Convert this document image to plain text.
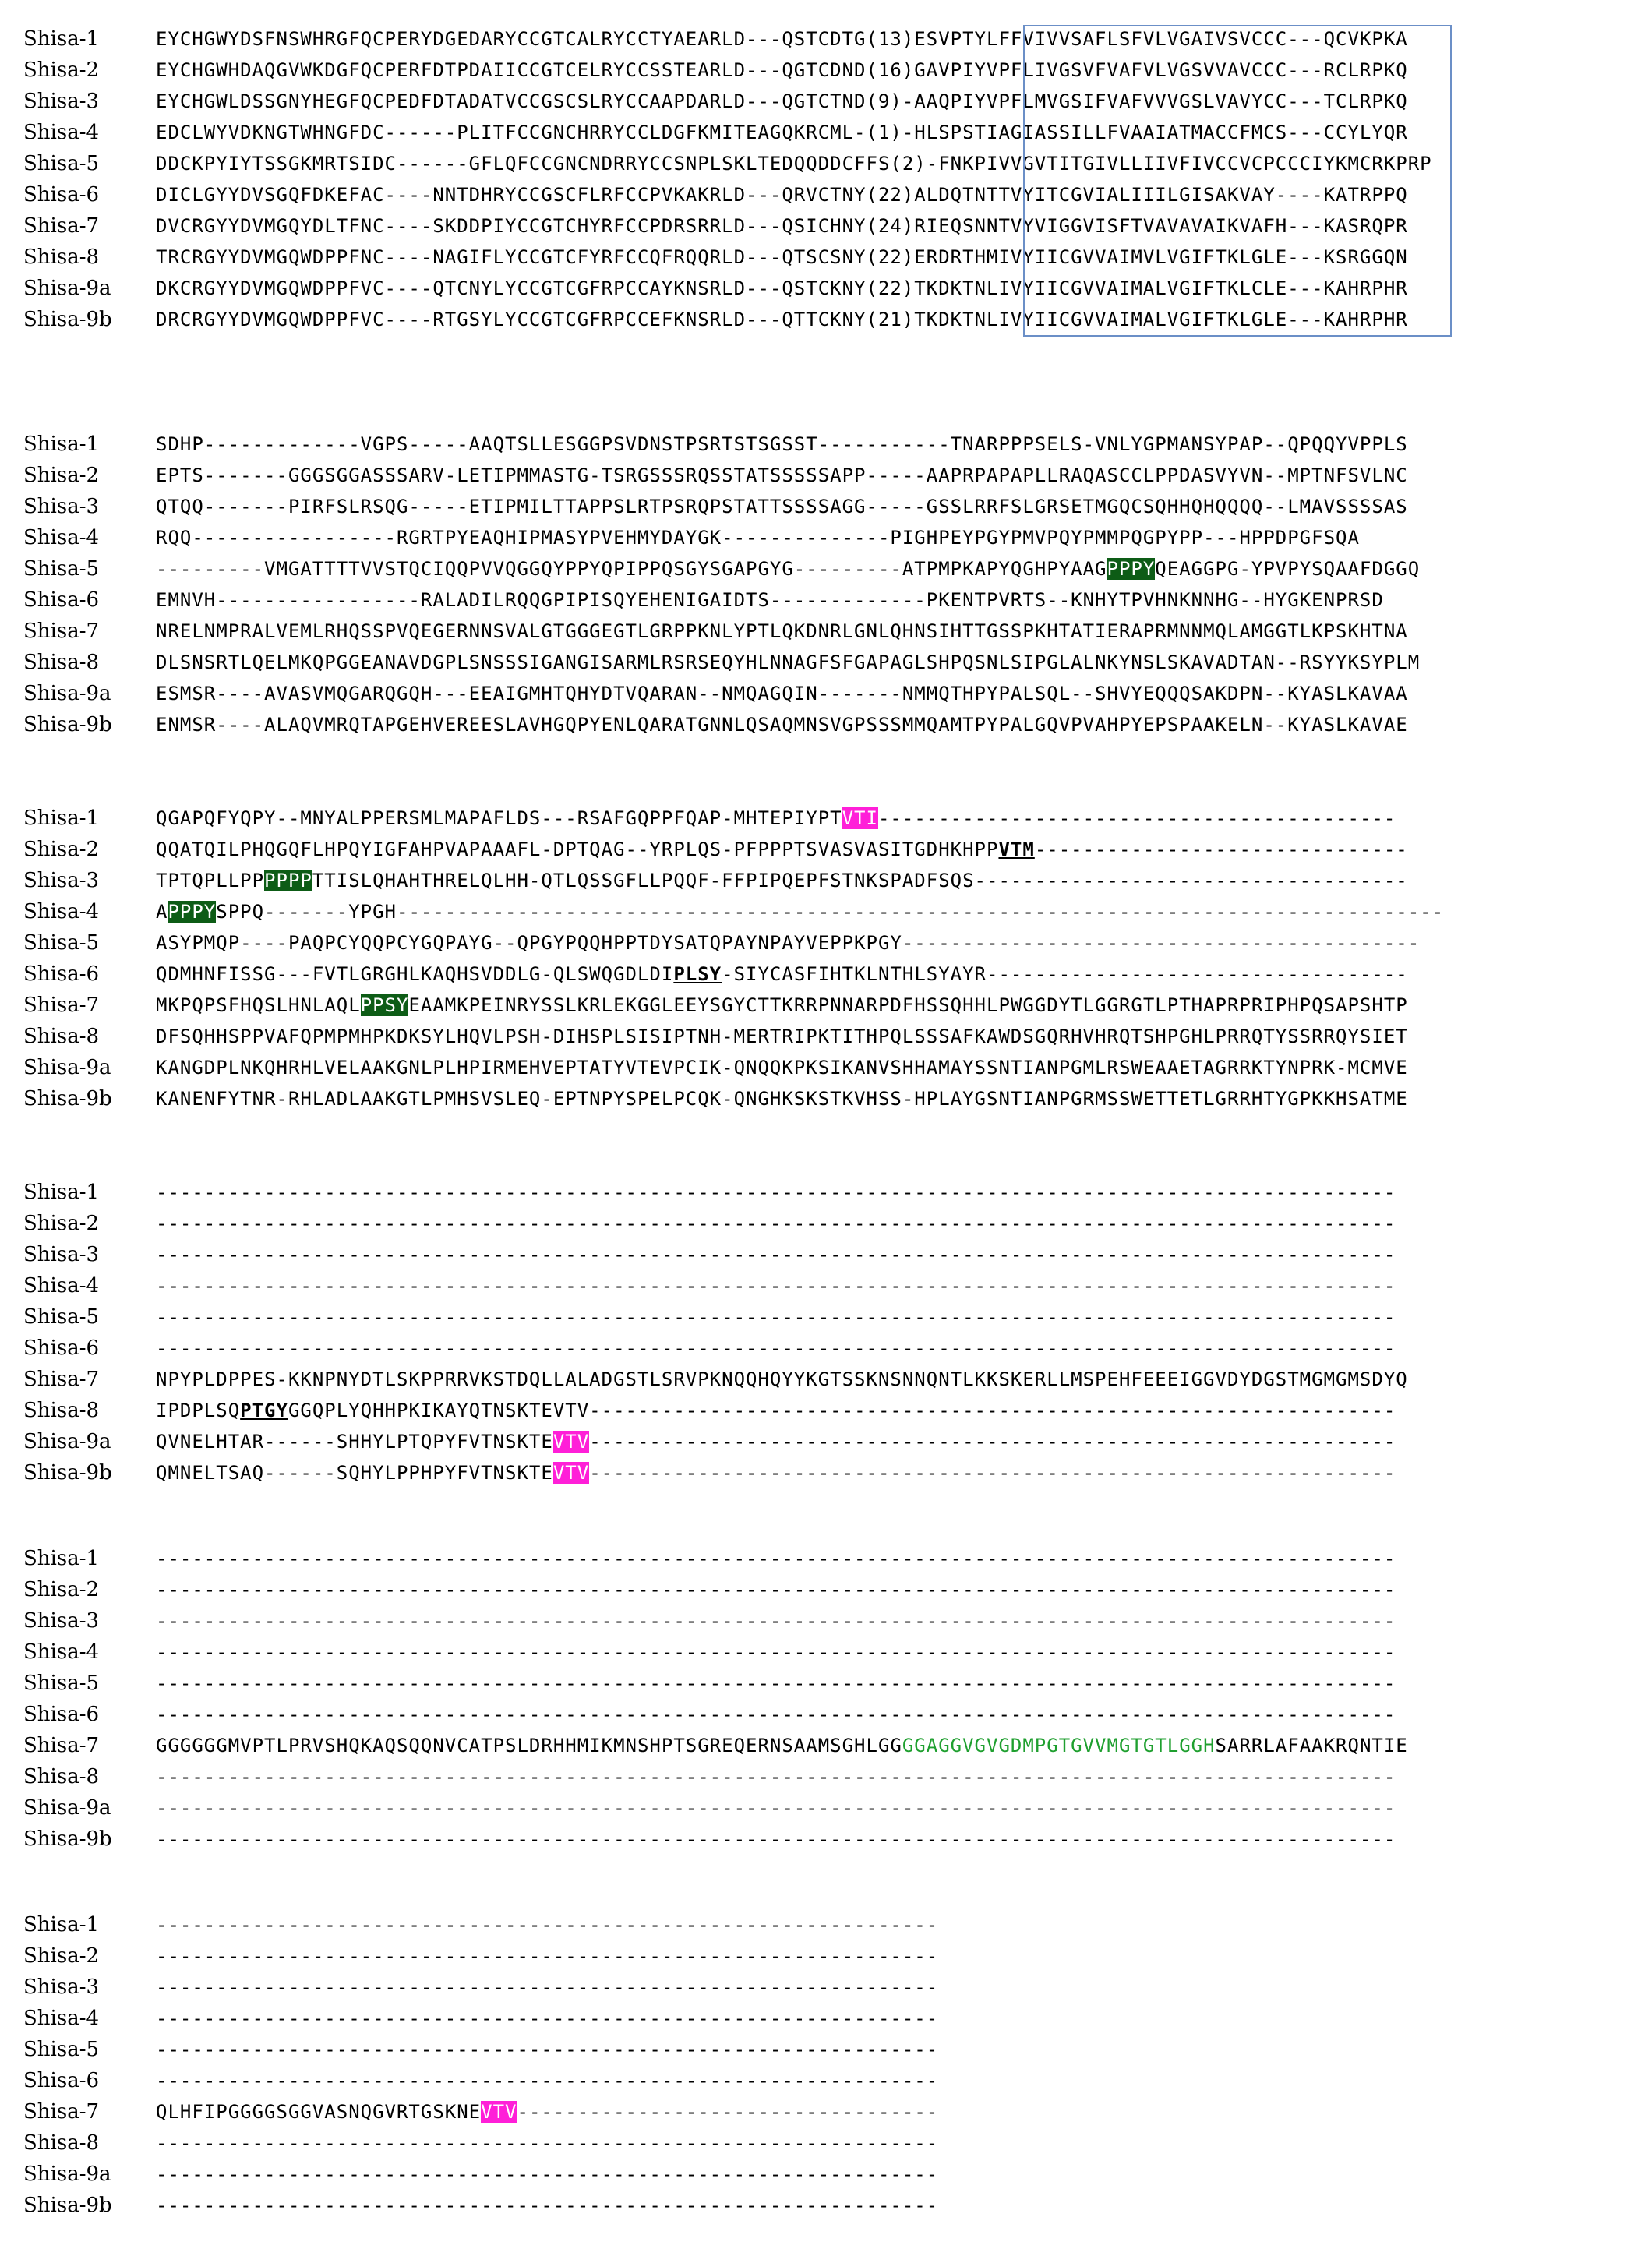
Shisa-1	EYCHGWYDSFNSWHRGFQCPERYDGEDARYCCGTCALRYCCTYAEARLD---QSTCDTG(13)ESVPTYLFFVIVVSAFLSFVLVGAIVSVCCC---QCVKPKA
Shisa-2	EYCHGWHDAQGVWKDGFQCPERFDTPDAIICCGTCELRYCCSSTEARLD---QGTCDND(16)GAVPIYVPFLIVGSVFVAFVLVGSVVAVCCC---RCLRPKQ
Shisa-3	EYCHGWLDSSGNYHEGFQCPEDFDTADATVCCGSCSLRYCCAAPDARLD---QGTCTND(9)-AAQPIYVPFLMVGSIFVAFVVVGSLVAVYCC---TCLRPKQ
Shisa-4	EDCLWYVDKNGTWHNGFDC------PLITFCCGNCHRRYCCLDGFKMITEAGQKRCML-(1)-HLSPSTIAGIASSILLFVAAIATMACCFMCS---CCYLYQR
Shisa-5	DDCKPYIYTSSGKMRTSIDC------GFLQFCCGNCNDRRYCCSNPLSKLTEDQQDDCFFS(2)-FNKPIVVGVTITGIVLLIIVFIVCCVCPCCCIYKMCRKPRP
Shisa-6	DICLGYYDVSGQFDKEFAC----NNTDHRYCCGSCFLRFCCPVKAKRLD---QRVCTNY(22)ALDQTNTTVYITCGVIALIIILGISAKVAY----KATRPPQ
Shisa-7	DVCRGYYDVMGQYDLTFNC----SKDDPIYCCGTCHYRFCCPDRSRRLD---QSICHNY(24)RIEQSNNTVYVIGGVISFTVAVAVAIKVAFH---KASRQPR
Shisa-8	TRCRGYYDVMGQWDPPFNC----NAGIFLYCCGTCFYRFCCQFRQQRLD---QTSCSNY(22)ERDRTHMIVYIICGVVAIMVLVGIFTKLGLE---KSRGGQN
Shisa-9a DKCRGYYDVMGQWDPPFVC----QTCNYLYCCGTCGFRPCCAYKNSRLD---QSTCKNY(22)TKDKTNLIVYIICGVVAIMALVGIFTKLCLE---KAHRPHR
Shisa-9b DRCRGYYDVMGQWDPPFVC----RTGSYLYCCGTCGFRPCCEFKNSRLD---QTTCKNY(21)TKDKTNLIVYIICGVVAIMALVGIFTKLGLE---KAHRPHR
Shisa-1	SDHP-------------VGPS-----AAQTSLLESGGPSVDNSTPSRTSTSGSST-----------TNARPPPSELS-VNLYGPMANSYPAP--QPQQYVPPLS
Shisa-2	EPTS-------GGGSGGASSSARV-LETIPMMASTG-TSRGSSSRQSSTATSSSSSAPP-----AAPRPAPAPLLRAQASCCLPPDASVYVN--MPTNFSVLNC
Shisa-3	QTQQ-------PIRFSLRSQG-----ETIPMILTTAPPSLRTPSRQPSTATTSSSSAGG-----GSSLRRFSLGRSETMGQCSQHHQHQQQQ--LMAVSSSSAS
Shisa-4	RQQ-----------------RGRTPYEAQHIPMASYPVEHMYDAYGK--------------PIGHPEYPGYPMVPQYPMMPQGPYPP---HPPDPGFSQA
Shisa-5	---------VMGATTTTVVSTQCIQQPVVQGGQYPPYQPIPPQSGYSGAPGYG---------ATPMPKAPYQGHPYAAGPPPYQEAGGPG-YPVPYSQAAFDGGQ
Shisa-6	EMNVH-----------------RALADILRQQGPIPISQYEHENIGAIDTS-------------PKENTPVRTS--KNHYTPVHNKNNHG--HYGKENPRSD
Shisa-7	NRELNMPRALVEMLRHQSSPVQEGERNNSVALGTGGGEGTLGRPPKNLYPTLQKDNRLGNLQHNSIHTTGSSPKHTATIERAPRMNNMQLAMGGTLKPSKHTNA
Shisa-8	DLSNSRTLQELMKQPGGEANAVDGPLSNSSSIGANGISARMLRSRSEQYHLNNAGFSFGAPAGLSHPQSNLSIPGLALNKYNSLSKAVADTAN--RSYYKSYPLM
Shisa-9a ESMSR----AVASVMQGARQGQH---EEAIGMHTQHYDTVQARAN--NMQAGQIN-------NMMQTHPYPALSQL--SHVYEQQQSAKDPN--KYASLKAVAA
Shisa-9b ENMSR----ALAQVMRQTAPGEHVEREESLAVHGQPYENLQARATGNNLQSAQMNSVGPSSSMMQAMTPYPALGQVPVAHPYEPSPAAKELN--KYASLKAVAE
Shisa-1	QGAPQFYQPY--MNYALPPERSMLMAPAFLDS---RSAFGQPPFQAP-MHTEPIYPTVTI-------------------------------------------
Shisa-2	QQATQILPHQGQFLHPQYIGFAHPVAPAAAFL-DPTQAG--YRPLQS-PFPPPTSVASVASITGDHKHPPVTM-------------------------------
Shisa-3	TPTQPLLPPPPPPTTISLQHAHTHRELQLHH-QTLQSSGFLLPQQF-FFPIPQEPFSTNKSPADFSQS------------------------------------
Shisa-4	APPPYSPPQ-------YPGH---------------------------------------------------------------------------------------
Shisa-5	ASYPMQP----PAQPCYQQPCYGQPAYG--QPGYPQQHPPTDYSATQPAYNPAYVEPPKPGY-------------------------------------------
Shisa-6	QDMHNFISSG---FVTLGRGHLKAQHSVDDLG-QLSWQGDLDIPLSY-SIYCASFIHTKLNTHLSYAYR-----------------------------------
Shisa-7	MKPQPSFHQSLHNLAQLPPSYEAAMKPEINRYSSLKRLEKGGLEEYSGYCTTKRRPNNARPDFHSSQHHLPWGGDYTLGGRGTLPTHAPRPRIPHPQSAPSHTP
Shisa-8	DFSQHHSPPVAFQPMPMHPKDKSYLHQVLPSH-DIHSPLSISIPTNH-MERTRIPKTITHPQLSSSAFKAWDSGQRHVHRQTSHPGHLPRRQTYSSRRQYSIET
Shisa-9a KANGDPLNKQHRHLVELAAKGNLPLHPIRMEHVEPTATYVTEVPCIK-QNQQKPKSIKANVSHHAMAYSSNTIANPGMLRSWEAAETAGRRKTYNPRK-MCMVE
Shisa-9b KANENFYTNR-RHLADLAAKGTLPMHSVSLEQ-EPTNPYSPELPCQK-QNGHKSKSTKVHSS-HPLAYGSNTIANPGRMSSWETTETLGRRHTYGPKKHSATME
Shisa-1	-------------------------------------------------------------------------------------------------------
Shisa-2	-------------------------------------------------------------------------------------------------------
Shisa-3	-------------------------------------------------------------------------------------------------------
Shisa-4	-------------------------------------------------------------------------------------------------------
Shisa-5	-------------------------------------------------------------------------------------------------------
Shisa-6	-------------------------------------------------------------------------------------------------------
Shisa-7	NPYPLDPPES-KKNPNYDTLSKPPRRVKSTDQLLALADGSTLSRVPKNQQHQYYKGTSSKNSNNQNTLKKSKERLLMSPEHFEEEIGGVDYDGSTMGMGMSDYQ
Shisa-8	IPDPLSQPTGYGGQPLYQHHPKIKAYQTNSKTEVTV-------------------------------------------------------------------
Shisa-9a QVNELHTAR------SHHYLPTQPYFVTNSKTEVTV-------------------------------------------------------------------
Shisa-9b QMNELTSAQ------SQHYLPPHPYFVTNSKTEVTV-------------------------------------------------------------------
Shisa-1	-------------------------------------------------------------------------------------------------------
Shisa-2	-------------------------------------------------------------------------------------------------------
Shisa-3	-------------------------------------------------------------------------------------------------------
Shisa-4	-------------------------------------------------------------------------------------------------------
Shisa-5	-------------------------------------------------------------------------------------------------------
Shisa-6	-------------------------------------------------------------------------------------------------------
Shisa-7	GGGGGGMVPTLPRVSHQKAQSQQNVCATPSLDRHHMIKMNSHPTSGREQERNSAAMSGHLGGGGAGGVGVGDMPGTGVVMGTGTLGGHSARRLAFAAKRQNTIE
Shisa-8	-------------------------------------------------------------------------------------------------------
Shisa-9a -------------------------------------------------------------------------------------------------------
Shisa-9b -------------------------------------------------------------------------------------------------------
Shisa-1	-----------------------------------------------------------------
Shisa-2	-----------------------------------------------------------------
Shisa-3	-----------------------------------------------------------------
Shisa-4	-----------------------------------------------------------------
Shisa-5	-----------------------------------------------------------------
Shisa-6	-----------------------------------------------------------------
Shisa-7	QLHFIPGGGGSGGVASNQGVRTGSKNEVTV-----------------------------------
Shisa-8	-----------------------------------------------------------------
Shisa-9a -----------------------------------------------------------------
Shisa-9b -----------------------------------------------------------------
